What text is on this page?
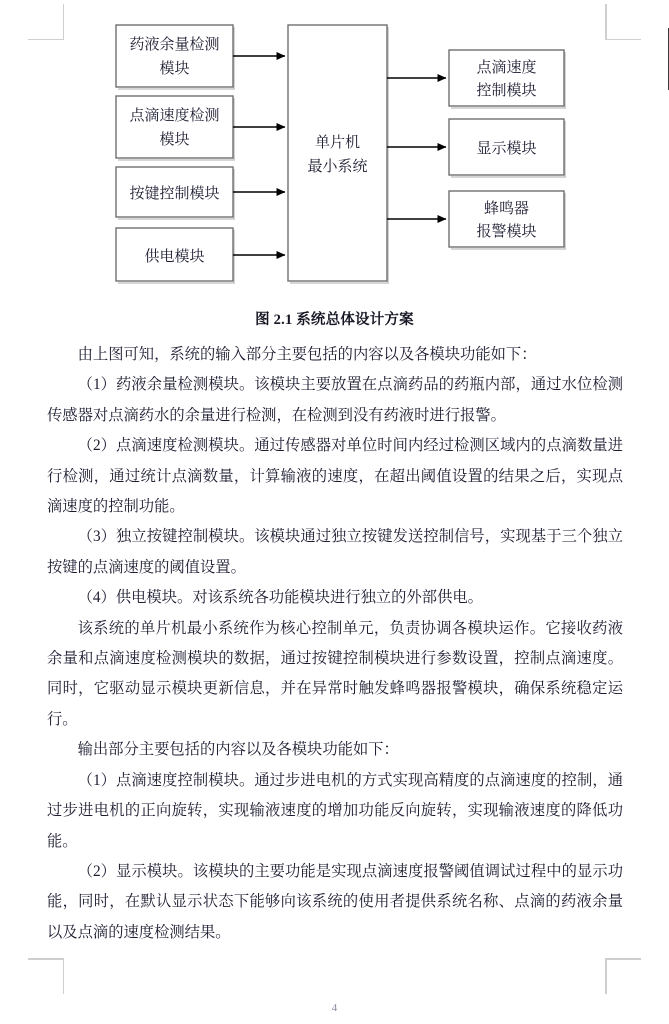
药液余量检测
模块
点滴速度检测
模块
按键控制模块
供电模块
单片机
最小系统
点滴速度
控制模块
显示模块
蜂鸣器
报警模块
图 2.1 系统总体设计方案

由上图可知，系统的输入部分主要包括的内容以及各模块功能如下：

（1）药液余量检测模块。该模块主要放置在点滴药品的药瓶内部，通过水位检测传感器对点滴药水的余量进行检测，在检测到没有药液时进行报警。

（2）点滴速度检测模块。通过传感器对单位时间内经过检测区域内的点滴数量进行检测，通过统计点滴数量，计算输液的速度，在超出阈值设置的结果之后，实现点滴速度的控制功能。

（3）独立按键控制模块。该模块通过独立按键发送控制信号，实现基于三个独立按键的点滴速度的阈值设置。

（4）供电模块。对该系统各功能模块进行独立的外部供电。

该系统的单片机最小系统作为核心控制单元，负责协调各模块运作。它接收药液余量和点滴速度检测模块的数据，通过按键控制模块进行参数设置，控制点滴速度。同时，它驱动显示模块更新信息，并在异常时触发蜂鸣器报警模块，确保系统稳定运行。

输出部分主要包括的内容以及各模块功能如下：

（1）点滴速度控制模块。通过步进电机的方式实现高精度的点滴速度的控制，通过步进电机的正向旋转，实现输液速度的增加功能反向旋转，实现输液速度的降低功能。

（2）显示模块。该模块的主要功能是实现点滴速度报警阈值调试过程中的显示功能，同时，在默认显示状态下能够向该系统的使用者提供系统名称、点滴的药液余量以及点滴的速度检测结果。

4
